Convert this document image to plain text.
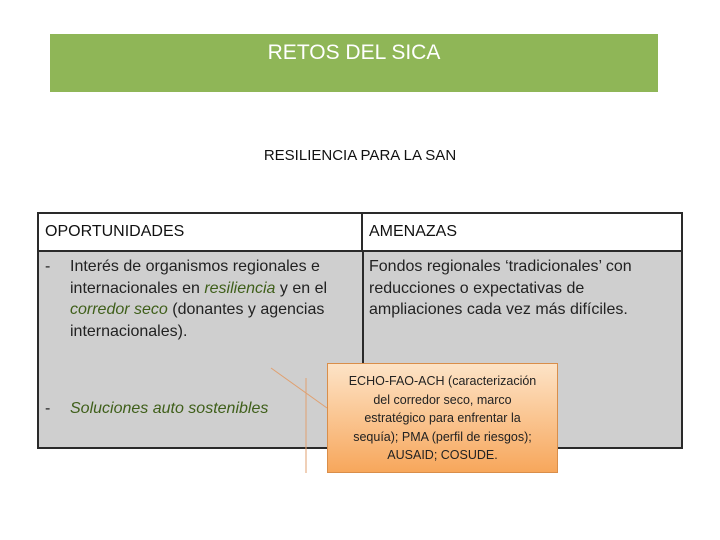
RETOS DEL SICA
RESILIENCIA PARA LA SAN
OPORTUNIDADES	AMENAZAS
- Interés de organismos regionales e internacionales en resiliencia y en el corredor seco (donantes y agencias internacionales).
Fondos regionales ‘tradicionales’ con reducciones o expectativas de ampliaciones cada vez más difíciles.
- Soluciones auto sostenibles
ECHO-FAO-ACH (caracterización
del corredor seco, marco
estratégico para enfrentar la
sequía); PMA (perfil de riesgos);
AUSAID; COSUDE.
